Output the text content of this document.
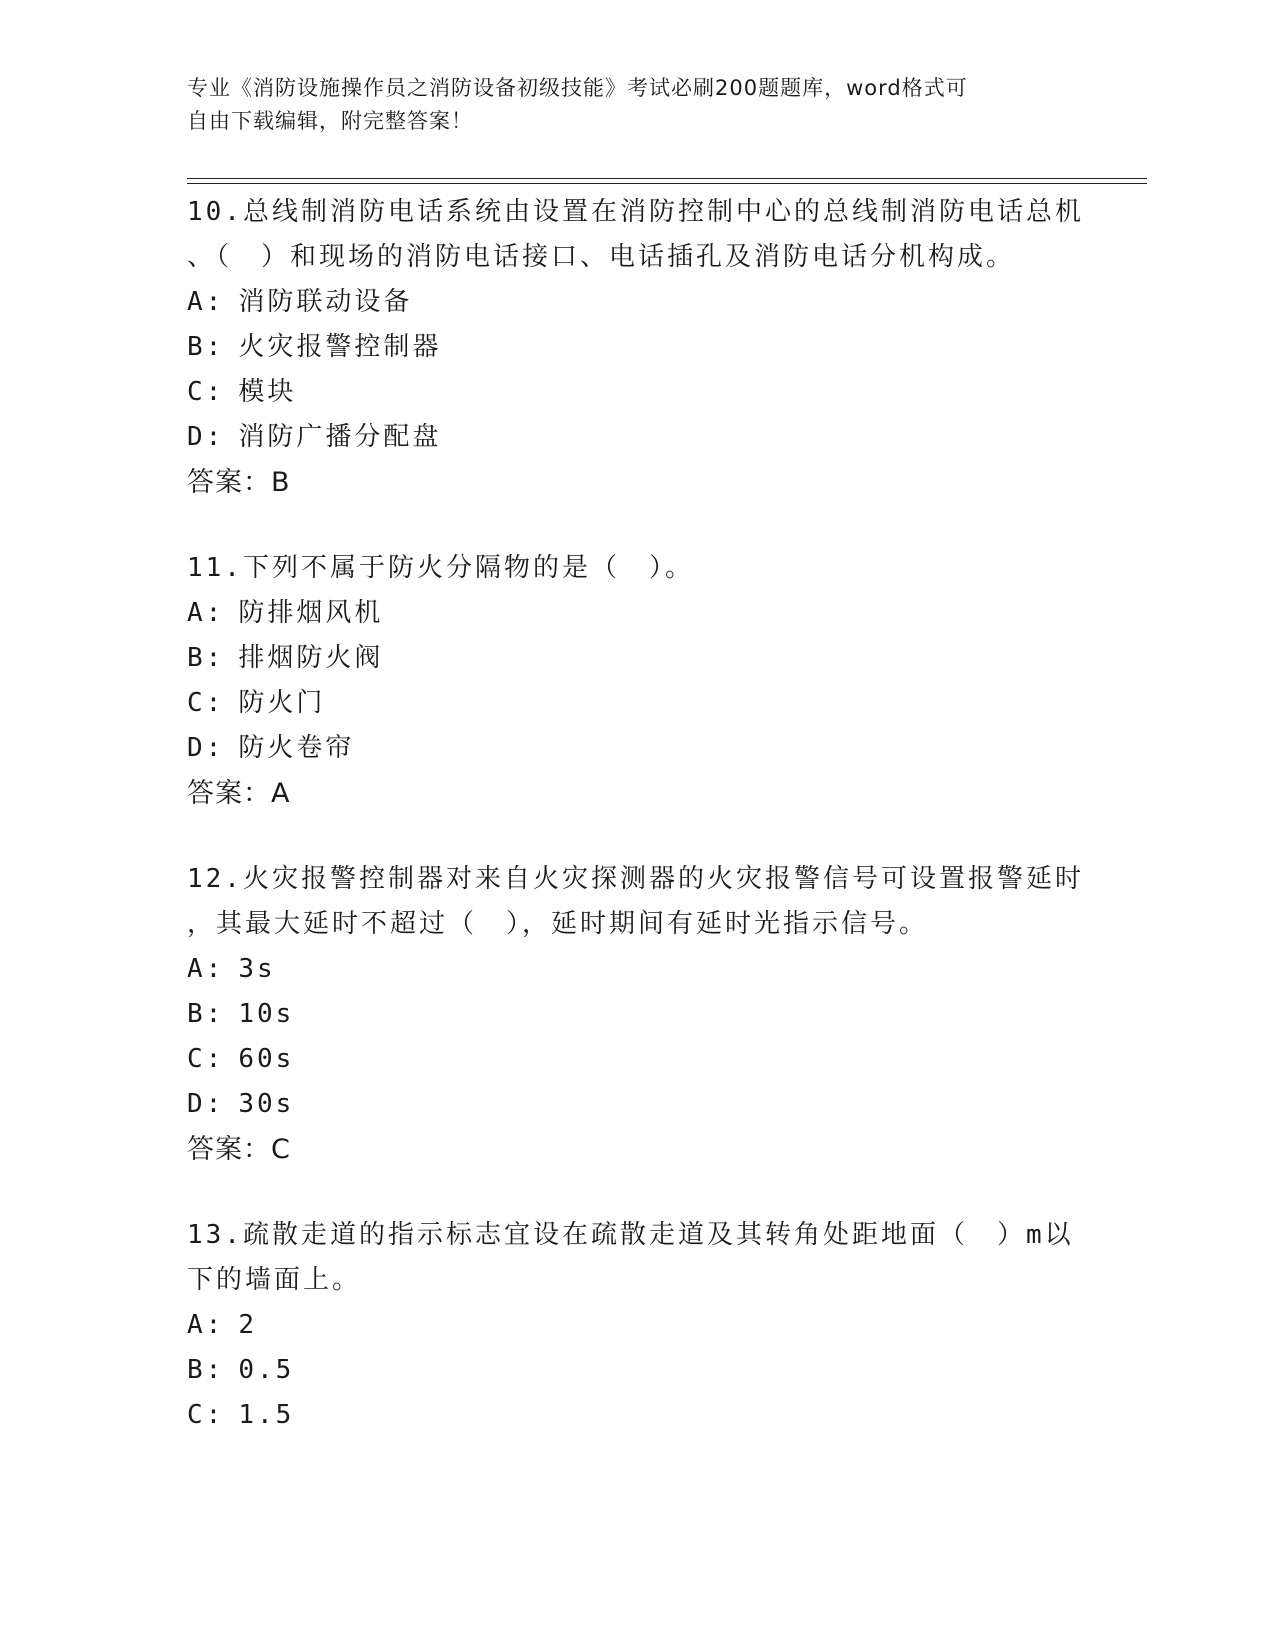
专业《消防设施操作员之消防设备初级技能》考试必刷200题题库，word格式可
自由下载编辑，附完整答案！

10.总线制消防电话系统由设置在消防控制中心的总线制消防电话总机

、（　）和现场的消防电话接口、电话插孔及消防电话分机构成。

A: 消防联动设备
B: 火灾报警控制器
C: 模块
D: 消防广播分配盘
答案：B

11.下列不属于防火分隔物的是（　）。

A: 防排烟风机
B: 排烟防火阀
C: 防火门
D: 防火卷帘
答案：A

12.火灾报警控制器对来自火灾探测器的火灾报警信号可设置报警延时

，其最大延时不超过（　），延时期间有延时光指示信号。

A: 3s
B: 10s
C: 60s
D: 30s
答案：C

13.疏散走道的指示标志宜设在疏散走道及其转角处距地面（　）m以

下的墙面上。

A: 2
B: 0.5
C: 1.5
